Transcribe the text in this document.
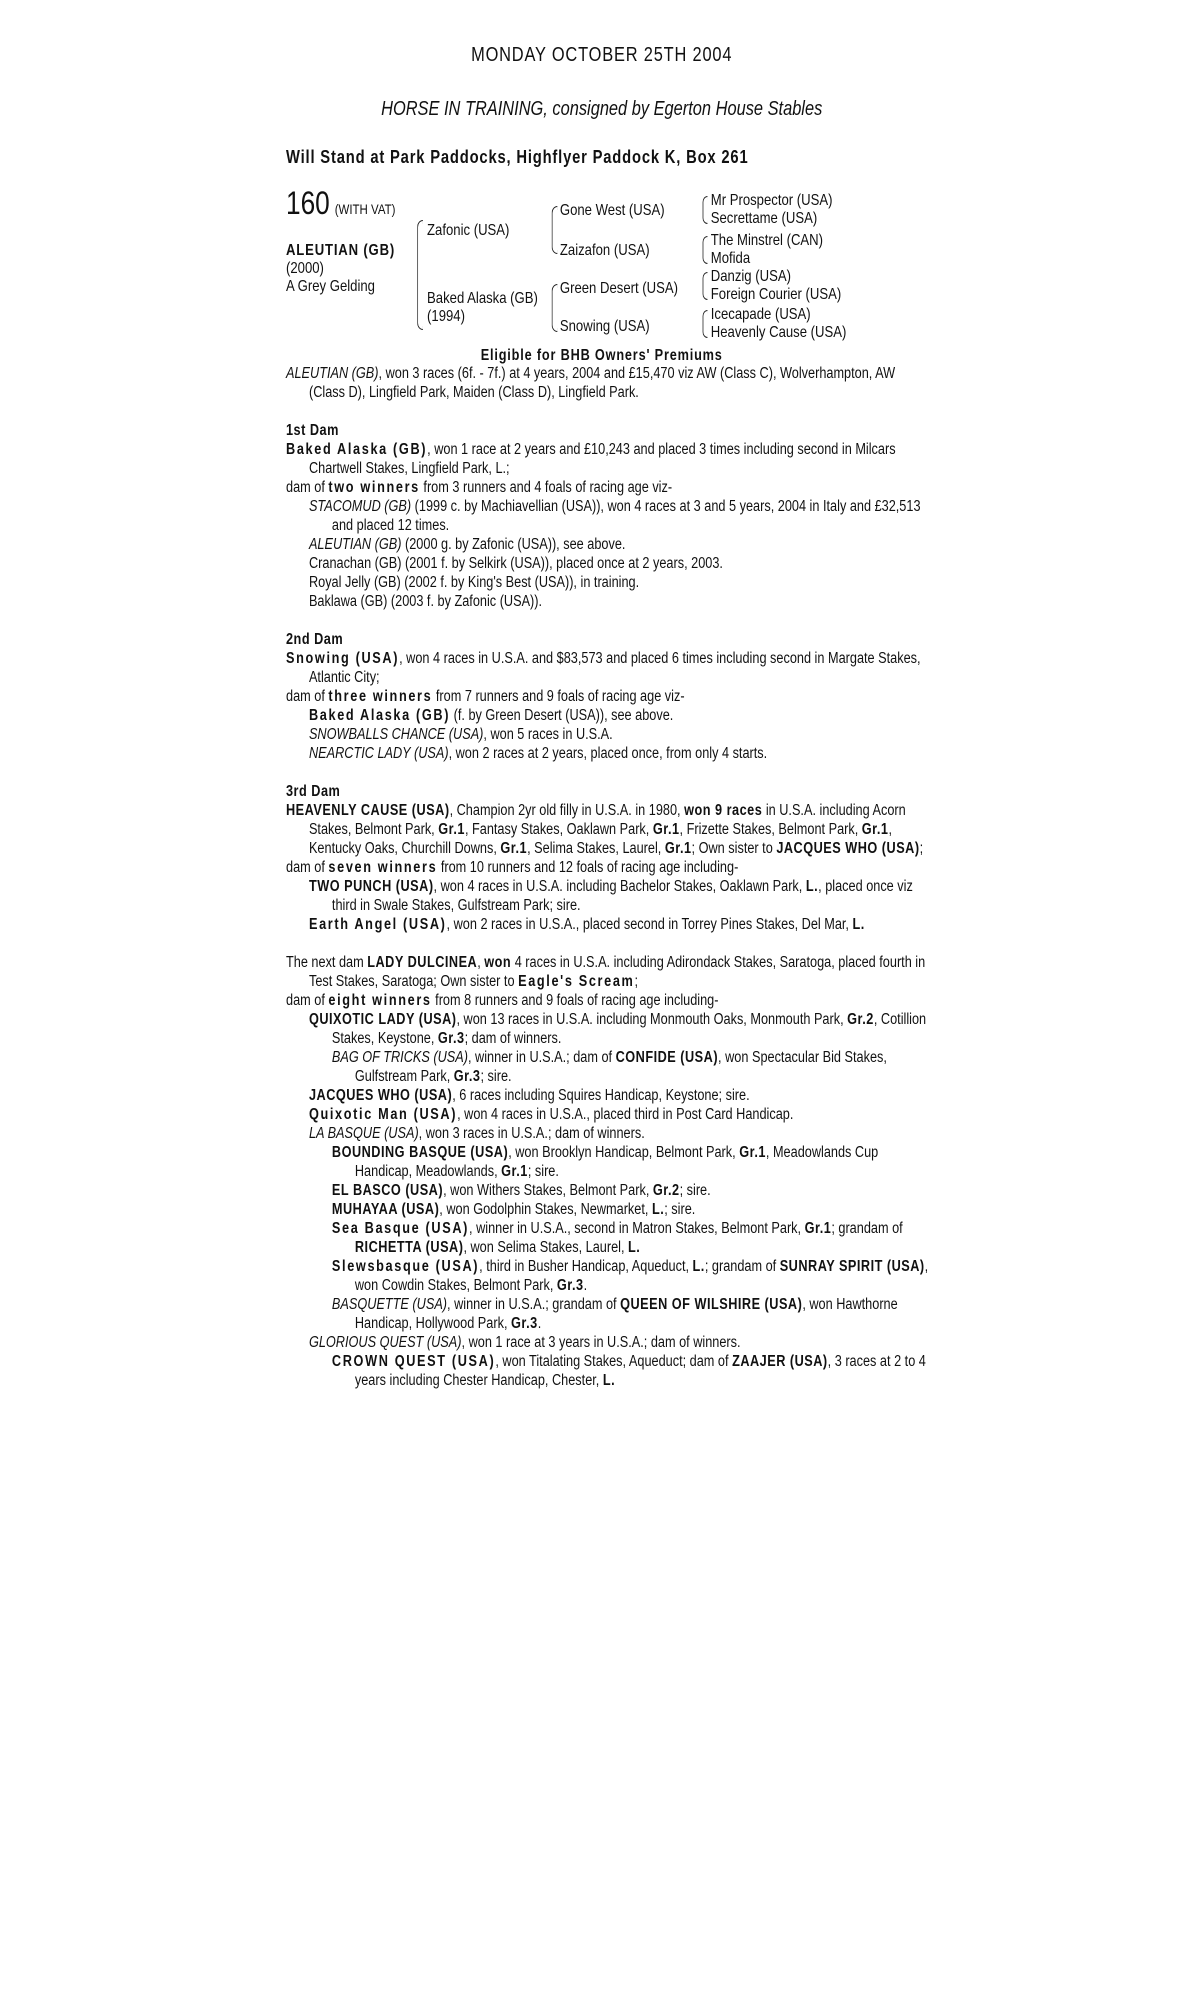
MONDAY OCTOBER 25TH 2004
HORSE IN TRAINING, consigned by Egerton House Stables
Will Stand at Park Paddocks, Highflyer Paddock K, Box 261
160 (WITH VAT)
ALEUTIAN (GB)
(2000)
A Grey Gelding
Zafonic (USA)
Baked Alaska (GB)
(1994)
Gone West (USA)
Zaizafon (USA)
Green Desert (USA)
Snowing (USA)
Mr Prospector (USA)
Secrettame (USA)
The Minstrel (CAN)
Mofida
Danzig (USA)
Foreign Courier (USA)
Icecapade (USA)
Heavenly Cause (USA)
Eligible for BHB Owners' Premiums

ALEUTIAN (GB), won 3 races (6f. - 7f.) at 4 years, 2004 and £15,470 viz AW (Class C), Wolverhampton, AW (Class D), Lingfield Park, Maiden (Class D), Lingfield Park.

1st Dam

Baked Alaska (GB), won 1 race at 2 years and £10,243 and placed 3 times including second in Milcars Chartwell Stakes, Lingfield Park, L.;

dam of two winners from 3 runners and 4 foals of racing age viz-

STACOMUD (GB) (1999 c. by Machiavellian (USA)), won 4 races at 3 and 5 years, 2004 in Italy and £32,513 and placed 12 times.

ALEUTIAN (GB) (2000 g. by Zafonic (USA)), see above.

Cranachan (GB) (2001 f. by Selkirk (USA)), placed once at 2 years, 2003.

Royal Jelly (GB) (2002 f. by King's Best (USA)), in training.

Baklawa (GB) (2003 f. by Zafonic (USA)).

2nd Dam

Snowing (USA), won 4 races in U.S.A. and $83,573 and placed 6 times including second in Margate Stakes, Atlantic City;

dam of three winners from 7 runners and 9 foals of racing age viz-

Baked Alaska (GB) (f. by Green Desert (USA)), see above.

SNOWBALLS CHANCE (USA), won 5 races in U.S.A.

NEARCTIC LADY (USA), won 2 races at 2 years, placed once, from only 4 starts.

3rd Dam

HEAVENLY CAUSE (USA), Champion 2yr old filly in U.S.A. in 1980, won 9 races in U.S.A. including Acorn Stakes, Belmont Park, Gr.1, Fantasy Stakes, Oaklawn Park, Gr.1, Frizette Stakes, Belmont Park, Gr.1, Kentucky Oaks, Churchill Downs, Gr.1, Selima Stakes, Laurel, Gr.1; Own sister to JACQUES WHO (USA);

dam of seven winners from 10 runners and 12 foals of racing age including-

TWO PUNCH (USA), won 4 races in U.S.A. including Bachelor Stakes, Oaklawn Park, L., placed once viz third in Swale Stakes, Gulfstream Park; sire.

Earth Angel (USA), won 2 races in U.S.A., placed second in Torrey Pines Stakes, Del Mar, L.

The next dam LADY DULCINEA, won 4 races in U.S.A. including Adirondack Stakes, Saratoga, placed fourth in Test Stakes, Saratoga; Own sister to Eagle's Scream;

dam of eight winners from 8 runners and 9 foals of racing age including-

QUIXOTIC LADY (USA), won 13 races in U.S.A. including Monmouth Oaks, Monmouth Park, Gr.2, Cotillion Stakes, Keystone, Gr.3; dam of winners.

BAG OF TRICKS (USA), winner in U.S.A.; dam of CONFIDE (USA), won Spectacular Bid Stakes, Gulfstream Park, Gr.3; sire.

JACQUES WHO (USA), 6 races including Squires Handicap, Keystone; sire.

Quixotic Man (USA), won 4 races in U.S.A., placed third in Post Card Handicap.

LA BASQUE (USA), won 3 races in U.S.A.; dam of winners.

BOUNDING BASQUE (USA), won Brooklyn Handicap, Belmont Park, Gr.1, Meadowlands Cup Handicap, Meadowlands, Gr.1; sire.

EL BASCO (USA), won Withers Stakes, Belmont Park, Gr.2; sire.

MUHAYAA (USA), won Godolphin Stakes, Newmarket, L.; sire.

Sea Basque (USA), winner in U.S.A., second in Matron Stakes, Belmont Park, Gr.1; grandam of RICHETTA (USA), won Selima Stakes, Laurel, L.

Slewsbasque (USA), third in Busher Handicap, Aqueduct, L.; grandam of SUNRAY SPIRIT (USA), won Cowdin Stakes, Belmont Park, Gr.3.

BASQUETTE (USA), winner in U.S.A.; grandam of QUEEN OF WILSHIRE (USA), won Hawthorne Handicap, Hollywood Park, Gr.3.

GLORIOUS QUEST (USA), won 1 race at 3 years in U.S.A.; dam of winners.

CROWN QUEST (USA), won Titalating Stakes, Aqueduct; dam of ZAAJER (USA), 3 races at 2 to 4 years including Chester Handicap, Chester, L.
